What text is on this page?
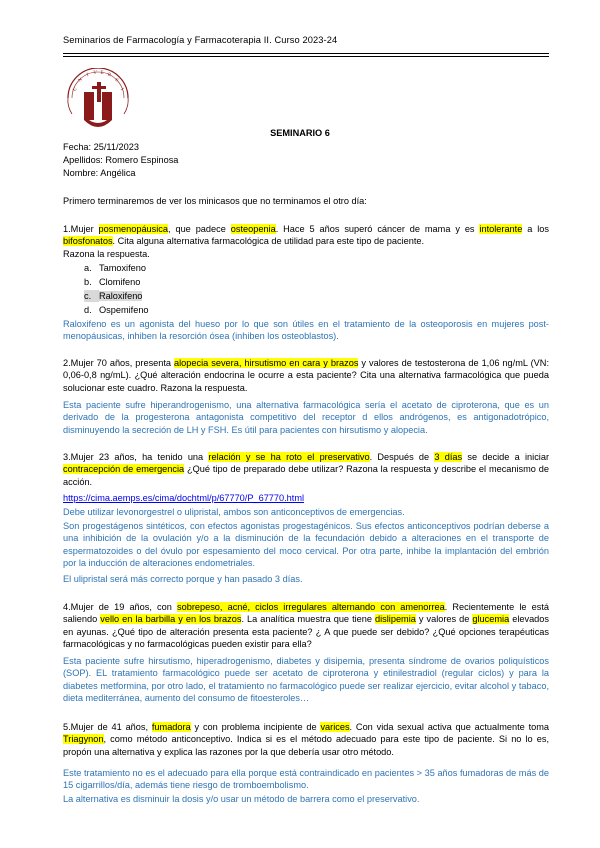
Seminarios de Farmacología y Farmacoterapia II. Curso 2023-24
U
N
I V E R
S
I
SEMINARIO 6
Fecha: 25/11/2023
Apellidos: Romero Espinosa
Nombre: Angélica
Primero terminaremos de ver los minicasos que no terminamos el otro día:
1.Mujer posmenopáusica, que padece osteopenia. Hace 5 años superó cáncer de mama y es intolerante a los bifosfonatos. Cita alguna alternativa farmacológica de utilidad para este tipo de paciente.
Razona la respuesta.
a. Tamoxifeno
b. Clomifeno
c. Raloxifeno
d. Ospemifeno
Raloxifeno es un agonista del hueso por lo que son útiles en el tratamiento de la osteoporosis en mujeres post-menopáusicas, inhiben la resorción ósea (inhiben los osteoblastos).
2.Mujer 70 años, presenta alopecia severa, hirsutismo en cara y brazos y valores de testosterona de 1,06 ng/mL (VN: 0,06-0,8 ng/mL). ¿Qué alteración endocrina le ocurre a esta paciente? Cita una alternativa farmacológica que pueda solucionar este cuadro. Razona la respuesta.
Esta paciente sufre hiperandrogenismo, una alternativa farmacológica sería el acetato de ciproterona, que es un derivado de la progesterona antagonista competitivo del receptor d ellos andrógenos, es antigonadotrópico, disminuyendo la secreción de LH y FSH. Es útil para pacientes con hirsutismo y alopecia.
3.Mujer 23 años, ha tenido una relación y se ha roto el preservativo. Después de 3 días se decide a iniciar contracepción de emergencia ¿Qué tipo de preparado debe utilizar? Razona la respuesta y describe el mecanismo de acción.
https://cima.aemps.es/cima/dochtml/p/67770/P_67770.html
Debe utilizar levonorgestrel o ulipristal, ambos son anticonceptivos de emergencias.
Son progestágenos sintéticos, con efectos agonistas progestagénicos. Sus efectos anticonceptivos podrían deberse a una inhibición de la ovulación y/o a la disminución de la fecundación debido a alteraciones en el transporte de espermatozoides o del óvulo por espesamiento del moco cervical. Por otra parte, inhibe la implantación del embrión por la inducción de alteraciones endometriales.
El ulipristal será más correcto porque y han pasado 3 días.
4.Mujer de 19 años, con sobrepeso, acné, ciclos irregulares alternando con amenorrea. Recientemente le está saliendo vello en la barbilla y en los brazos. La analítica muestra que tiene dislipemia y valores de glucemia elevados en ayunas. ¿Qué tipo de alteración presenta esta paciente? ¿ A que puede ser debido? ¿Qué opciones terapéuticas farmacológicas y no farmacológicas pueden existir para ella?
Esta paciente sufre hirsutismo, hiperadrogenismo, diabetes y disipemia, presenta síndrome de ovarios poliquísticos (SOP). EL tratamiento farmacológico puede ser acetato de ciproterona y etinilestradiol (regular ciclos) y para la diabetes metformina, por otro lado, el tratamiento no farmacológico puede ser realizar ejercicio, evitar alcohol y tabaco, dieta mediterránea, aumento del consumo de fitoesteroles…
5.Mujer de 41 años, fumadora y con problema incipiente de varices. Con vida sexual activa que actualmente toma Triagynon, como método anticonceptivo. Indica si es el método adecuado para este tipo de paciente. Si no lo es, propón una alternativa y explica las razones por la que debería usar otro método.
Este tratamiento no es el adecuado para ella porque está contraindicado en pacientes > 35 años fumadoras de más de 15 cigarrillos/día, además tiene riesgo de tromboembolismo.
La alternativa es disminuir la dosis y/o usar un método de barrera como el preservativo.
